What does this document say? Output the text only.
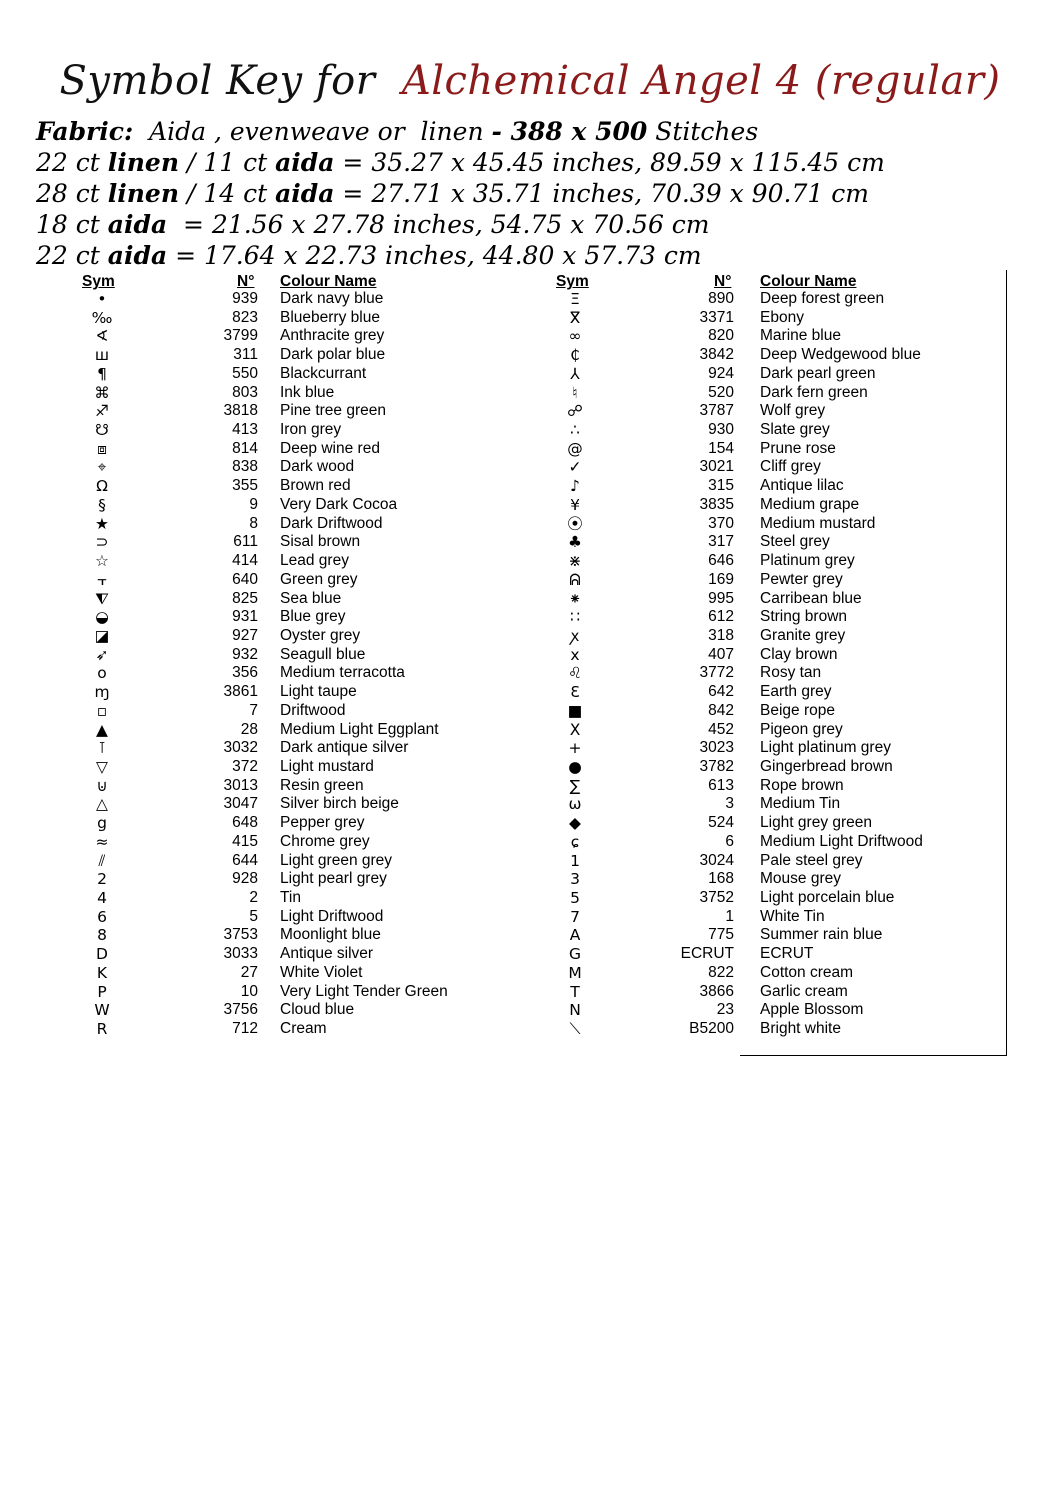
Symbol Key for Alchemical Angel 4 (regular)
Fabric:  Aida , evenweave or  linen - 388 x 500 Stitches
22 ct linen / 11 ct aida = 35.27 x 45.45 inches, 89.59 x 115.45 cm
28 ct linen / 14 ct aida = 27.71 x 35.71 inches, 70.39 x 90.71 cm
18 ct aida  = 21.56 x 27.78 inches, 54.75 x 70.56 cm
22 ct aida = 17.64 x 22.73 inches, 44.80 x 57.73 cm
Sym	N° Colour Name	Sym	N° Colour Name
•	939 Dark navy blue
‰	823 Blueberry blue
∢	3799 Anthracite grey
ш	311 Dark polar blue
¶	550 Blackcurrant
⌘	803 Ink blue
♐	3818 Pine tree green
☋	413 Iron grey
⧈	814 Deep wine red
⌖	838 Dark wood
Ω	355 Brown red
§	9 Very Dark Cocoa
★	8 Dark Driftwood
⊃	611 Sisal brown
☆	414 Lead grey
⫟	640 Green grey
⧨	825 Sea blue
◒	931 Blue grey
◪	927 Oyster grey
➶	932 Seagull blue
o	356 Medium terracotta
ɱ	3861 Light taupe
▫	7 Driftwood
▲	28 Medium Light Eggplant
⊺	3032 Dark antique silver
▽	372 Light mustard
⊍	3013 Resin green
△	3047 Silver birch beige
g	648 Pepper grey
≈	415 Chrome grey
⫽	644 Light green grey
2	928 Light pearl grey
4	2 Tin
6	5 Light Driftwood
8	3753 Moonlight blue
D	3033 Antique silver
K	27 White Violet
P	10 Very Light Tender Green
W	3756 Cloud blue
R	712 Cream
Ξ	890 Deep forest green
ⴳ	3371 Ebony
∞	820 Marine blue
₵	3842 Deep Wedgewood blue
⅄	924 Dark pearl green
♮	520 Dark fern green
☍	3787 Wolf grey
∴	930 Slate grey
@	154 Prune rose
✓	3021 Cliff grey
♪	315 Antique lilac
¥	3835 Medium grape
⦿	370 Medium mustard
♣	317 Steel grey
⋇	646 Platinum grey
ᕱ	169 Pewter grey
⁕	995 Carribean blue
∷	612 String brown
ꭗ	318 Granite grey
x	407 Clay brown
♌	3772 Rosy tan
Ɛ	642 Earth grey
■	842 Beige rope
ꓫ	452 Pigeon grey
+	3023 Light platinum grey
●	3782 Gingerbread brown
∑	613 Rope brown
ω	3 Medium Tin
◆	524 Light grey green
ɕ	6 Medium Light Driftwood
1	3024 Pale steel grey
3	168 Mouse grey
5	3752 Light porcelain blue
7	1 White Tin
A	775 Summer rain blue
G	ECRUT ECRUT
M	822 Cotton cream
T	3866 Garlic cream
N	23 Apple Blossom
⟍	B5200 Bright white
